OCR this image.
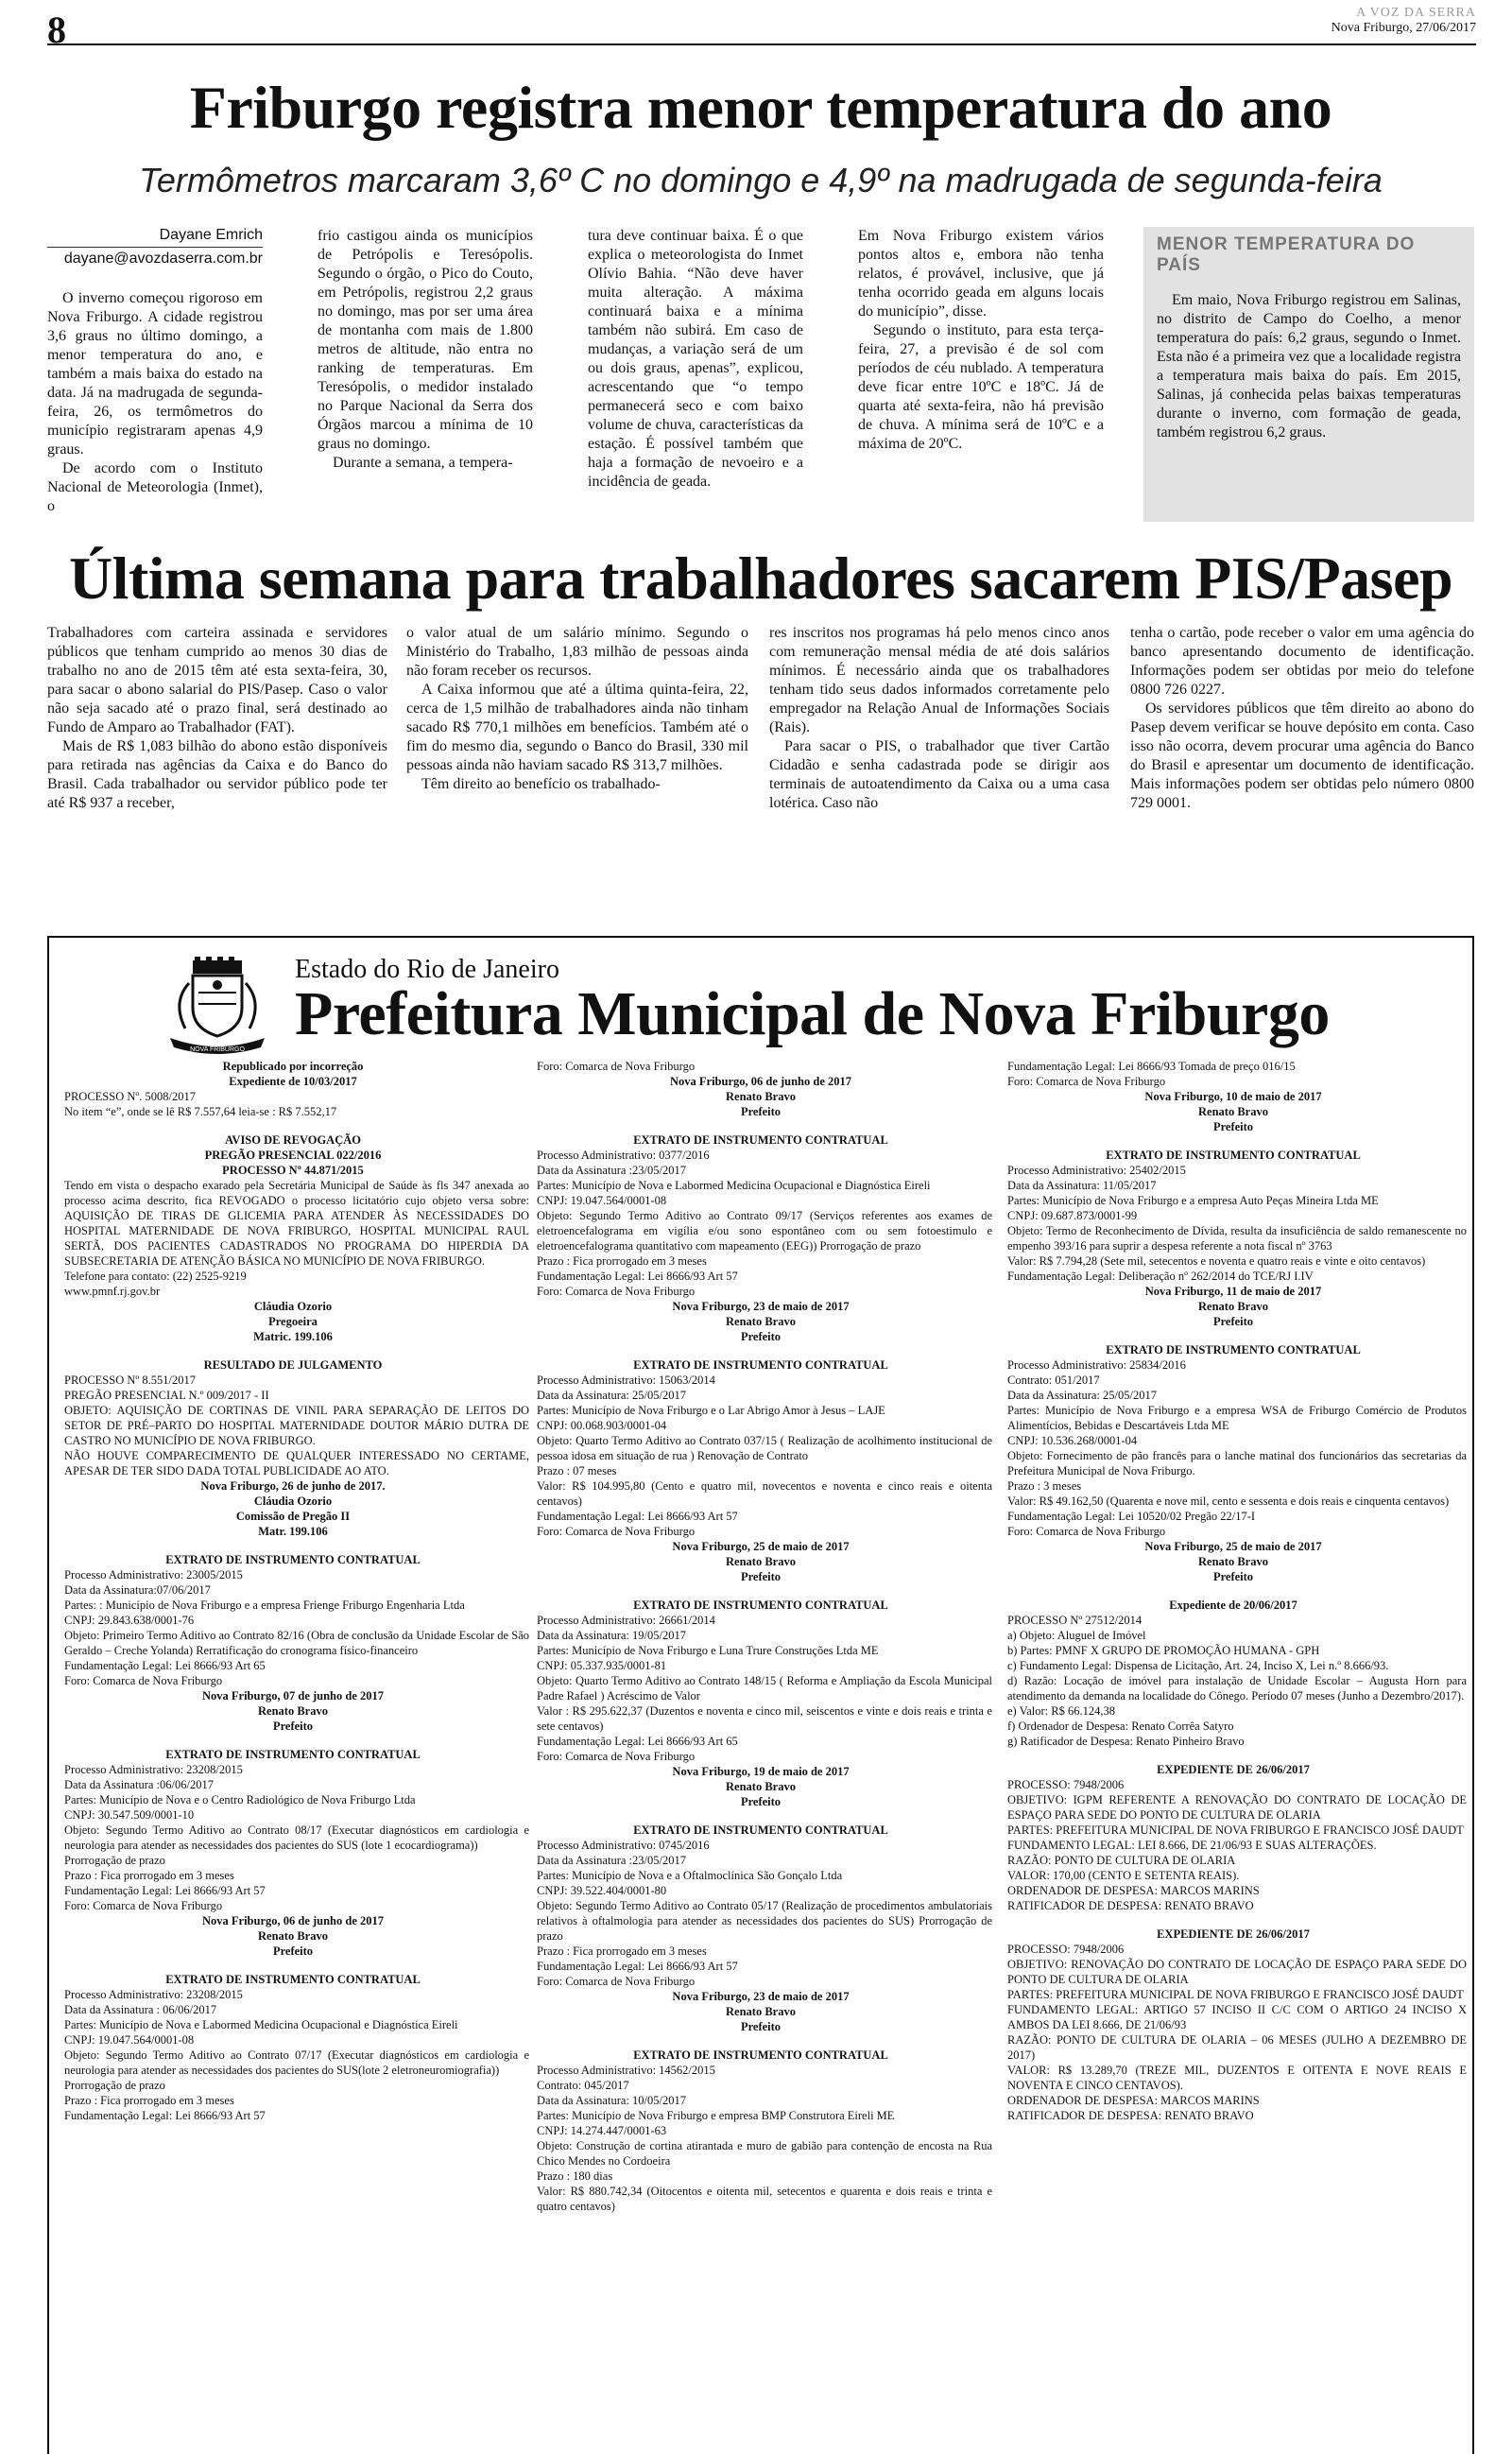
8	A VOZ DA SERRA
Nova Friburgo, 27/06/2017
Friburgo registra menor temperatura do ano
Termômetros marcaram 3,6º C no domingo e 4,9º na madrugada de segunda-feira
Dayane Emrich
dayane@avozdaserra.com.br

O inverno começou rigoroso em Nova Friburgo. A cidade registrou 3,6 graus no último domingo, a menor temperatura do ano, e também a mais baixa do estado na data. Já na madrugada de segunda-feira, 26, os termômetros do município registraram apenas 4,9 graus.

De acordo com o Instituto Nacional de Meteorologia (Inmet), o

frio castigou ainda os municípios de Petrópolis e Teresópolis. Segundo o órgão, o Pico do Couto, em Petrópolis, registrou 2,2 graus no domingo, mas por ser uma área de montanha com mais de 1.800 metros de altitude, não entra no ranking de temperaturas. Em Teresópolis, o medidor instalado no Parque Nacional da Serra dos Órgãos marcou a mínima de 10 graus no domingo.

Durante a semana, a tempera-

tura deve continuar baixa. É o que explica o meteorologista do Inmet Olívio Bahia. “Não deve haver muita alteração. A máxima continuará baixa e a mínima também não subirá. Em caso de mudanças, a variação será de um ou dois graus, apenas”, explicou, acrescentando que “o tempo permanecerá seco e com baixo volume de chuva, características da estação. É possível também que haja a formação de nevoeiro e a incidência de geada.

Em Nova Friburgo existem vários pontos altos e, embora não tenha relatos, é provável, inclusive, que já tenha ocorrido geada em alguns locais do município”, disse.

Segundo o instituto, para esta terça-feira, 27, a previsão é de sol com períodos de céu nublado. A temperatura deve ficar entre 10ºC e 18ºC. Já de quarta até sexta-feira, não há previsão de chuva. A mínima será de 10ºC e a máxima de 20ºC.

MENOR TEMPERATURA DO PAÍS
Em maio, Nova Friburgo registrou em Salinas, no distrito de Campo do Coelho, a menor temperatura do país: 6,2 graus, segundo o Inmet. Esta não é a primeira vez que a localidade registra a temperatura mais baixa do país. Em 2015, Salinas, já conhecida pelas baixas temperaturas durante o inverno, com formação de geada, também registrou 6,2 graus.
Última semana para trabalhadores sacarem PIS/Pasep

Trabalhadores com carteira assinada e servidores públicos que tenham cumprido ao menos 30 dias de trabalho no ano de 2015 têm até esta sexta-feira, 30, para sacar o abono salarial do PIS/Pasep. Caso o valor não seja sacado até o prazo final, será destinado ao Fundo de Amparo ao Trabalhador (FAT).

Mais de R$ 1,083 bilhão do abono estão disponíveis para retirada nas agências da Caixa e do Banco do Brasil. Cada trabalhador ou servidor público pode ter até R$ 937 a receber,

o valor atual de um salário mínimo. Segundo o Ministério do Trabalho, 1,83 milhão de pessoas ainda não foram receber os recursos.

A Caixa informou que até a última quinta-feira, 22, cerca de 1,5 milhão de trabalhadores ainda não tinham sacado R$ 770,1 milhões em benefícios. Também até o fim do mesmo dia, segundo o Banco do Brasil, 330 mil pessoas ainda não haviam sacado R$ 313,7 milhões.

Têm direito ao benefício os trabalhado-

res inscritos nos programas há pelo menos cinco anos com remuneração mensal média de até dois salários mínimos. É necessário ainda que os trabalhadores tenham tido seus dados informados corretamente pelo empregador na Relação Anual de Informações Sociais (Rais).

Para sacar o PIS, o trabalhador que tiver Cartão Cidadão e senha cadastrada pode se dirigir aos terminais de autoatendimento da Caixa ou a uma casa lotérica. Caso não

tenha o cartão, pode receber o valor em uma agência do banco apresentando documento de identificação. Informações podem ser obtidas por meio do telefone 0800 726 0227.

Os servidores públicos que têm direito ao abono do Pasep devem verificar se houve depósito em conta. Caso isso não ocorra, devem procurar uma agência do Banco do Brasil e apresentar um documento de identificação. Mais informações podem ser obtidas pelo número 0800 729 0001.

NOVA FRIBURGO
Estado do Rio de Janeiro
Prefeitura Municipal de Nova Friburgo
Republicado por incorreção
Expediente de 10/03/2017
PROCESSO Nº. 5008/2017
No item “e”, onde se lê R$ 7.557,64 leia-se : R$ 7.552,17
AVISO DE REVOGAÇÃO
PREGÃO PRESENCIAL 022/2016
PROCESSO Nº 44.871/2015
Tendo em vista o despacho exarado pela Secretária Municipal de Saúde às fls 347 anexada ao processo acima descrito, fica REVOGADO o processo licitatório cujo objeto versa sobre: AQUISIÇÃO DE TIRAS DE GLICEMIA PARA ATENDER ÀS NECESSIDADES DO HOSPITAL MATERNIDADE DE NOVA FRIBURGO, HOSPITAL MUNICIPAL RAUL SERTÃ, DOS PACIENTES CADASTRADOS NO PROGRAMA DO HIPERDIA DA SUBSECRETARIA DE ATENÇÃO BÁSICA NO MUNICÍPIO DE NOVA FRIBURGO.
Telefone para contato: (22) 2525-9219
www.pmnf.rj.gov.br
Cláudia Ozorio
Pregoeira
Matric. 199.106
RESULTADO DE JULGAMENTO
PROCESSO Nº 8.551/2017
PREGÃO PRESENCIAL N.º 009/2017 - II
OBJETO: AQUISIÇÃO DE CORTINAS DE VINIL PARA SEPARAÇÃO DE LEITOS DO SETOR DE PRÉ–PARTO DO HOSPITAL MATERNIDADE DOUTOR MÁRIO DUTRA DE CASTRO NO MUNICÍPIO DE NOVA FRIBURGO.
NÃO HOUVE COMPARECIMENTO DE QUALQUER INTERESSADO NO CERTAME, APESAR DE TER SIDO DADA TOTAL PUBLICIDADE AO ATO.
Nova Friburgo, 26 de junho de 2017.
Cláudia Ozorio
Comissão de Pregão II
Matr. 199.106
EXTRATO DE INSTRUMENTO CONTRATUAL
Processo Administrativo: 23005/2015
Data da Assinatura:07/06/2017
Partes: : Município de Nova Friburgo e a empresa Frienge Friburgo Engenharia Ltda
CNPJ: 29.843.638/0001-76
Objeto: Primeiro Termo Aditivo ao Contrato 82/16 (Obra de conclusão da Unidade Escolar de São Geraldo – Creche Yolanda) Rerratificação do cronograma físico-financeiro
Fundamentação Legal: Lei 8666/93 Art 65
Foro: Comarca de Nova Friburgo
Nova Friburgo, 07 de junho de 2017
Renato Bravo
Prefeito
EXTRATO DE INSTRUMENTO CONTRATUAL
Processo Administrativo: 23208/2015
Data da Assinatura :06/06/2017
Partes: Município de Nova e o Centro Radiológico de Nova Friburgo Ltda
CNPJ: 30.547.509/0001-10
Objeto: Segundo Termo Aditivo ao Contrato 08/17 (Executar diagnósticos em cardiologia e neurologia para atender as necessidades dos pacientes do SUS (lote 1 ecocardiograma))
Prorrogação de prazo
Prazo : Fica prorrogado em 3 meses
Fundamentação Legal: Lei 8666/93 Art 57
Foro: Comarca de Nova Friburgo
Nova Friburgo, 06 de junho de 2017
Renato Bravo
Prefeito
EXTRATO DE INSTRUMENTO CONTRATUAL
Processo Administrativo: 23208/2015
Data da Assinatura : 06/06/2017
Partes: Município de Nova e Labormed Medicina Ocupacional e Diagnóstica Eireli
CNPJ: 19.047.564/0001-08
Objeto: Segundo Termo Aditivo ao Contrato 07/17 (Executar diagnósticos em cardiologia e neurologia para atender as necessidades dos pacientes do SUS(lote 2 eletroneuromiografia))
Prorrogação de prazo
Prazo : Fica prorrogado em 3 meses
Fundamentação Legal: Lei 8666/93 Art 57
Foro: Comarca de Nova Friburgo
Nova Friburgo, 06 de junho de 2017
Renato Bravo
Prefeito
EXTRATO DE INSTRUMENTO CONTRATUAL
Processo Administrativo: 0377/2016
Data da Assinatura :23/05/2017
Partes: Município de Nova e Labormed Medicina Ocupacional e Diagnóstica Eireli
CNPJ: 19.047.564/0001-08
Objeto: Segundo Termo Aditivo ao Contrato 09/17 (Serviços referentes aos exames de eletroencefalograma em vigília e/ou sono espontâneo com ou sem fotoestimulo e eletroencefalograma quantitativo com mapeamento (EEG)) Prorrogação de prazo
Prazo : Fica prorrogado em 3 meses
Fundamentação Legal: Lei 8666/93 Art 57
Foro: Comarca de Nova Friburgo
Nova Friburgo, 23 de maio de 2017
Renato Bravo
Prefeito
EXTRATO DE INSTRUMENTO CONTRATUAL
Processo Administrativo: 15063/2014
Data da Assinatura: 25/05/2017
Partes: Município de Nova Friburgo e o Lar Abrigo Amor à Jesus – LAJE
CNPJ: 00.068.903/0001-04
Objeto: Quarto Termo Aditivo ao Contrato 037/15 ( Realização de acolhimento institucional de pessoa idosa em situação de rua ) Renovação de Contrato
Prazo : 07 meses
Valor: R$ 104.995,80 (Cento e quatro mil, novecentos e noventa e cinco reais e oitenta centavos)
Fundamentação Legal: Lei 8666/93 Art 57
Foro: Comarca de Nova Friburgo
Nova Friburgo, 25 de maio de 2017
Renato Bravo
Prefeito
EXTRATO DE INSTRUMENTO CONTRATUAL
Processo Administrativo: 26661/2014
Data da Assinatura: 19/05/2017
Partes: Município de Nova Friburgo e Luna Trure Construções Ltda ME
CNPJ: 05.337.935/0001-81
Objeto: Quarto Termo Aditivo ao Contrato 148/15 ( Reforma e Ampliação da Escola Municipal Padre Rafael ) Acréscimo de Valor
Valor : R$ 295.622,37 (Duzentos e noventa e cinco mil, seiscentos e vinte e dois reais e trinta e sete centavos)
Fundamentação Legal: Lei 8666/93 Art 65
Foro: Comarca de Nova Friburgo
Nova Friburgo, 19 de maio de 2017
Renato Bravo
Prefeito
EXTRATO DE INSTRUMENTO CONTRATUAL
Processo Administrativo: 0745/2016
Data da Assinatura :23/05/2017
Partes: Município de Nova e a Oftalmoclínica São Gonçalo Ltda
CNPJ: 39.522.404/0001-80
Objeto: Segundo Termo Aditivo ao Contrato 05/17 (Realização de procedimentos ambulatoriais relativos à oftalmologia para atender as necessidades dos pacientes do SUS) Prorrogação de prazo
Prazo : Fica prorrogado em 3 meses
Fundamentação Legal: Lei 8666/93 Art 57
Foro: Comarca de Nova Friburgo
Nova Friburgo, 23 de maio de 2017
Renato Bravo
Prefeito
EXTRATO DE INSTRUMENTO CONTRATUAL
Processo Administrativo: 14562/2015
Contrato: 045/2017
Data da Assinatura: 10/05/2017
Partes: Município de Nova Friburgo e empresa BMP Construtora Eireli ME
CNPJ: 14.274.447/0001-63
Objeto: Construção de cortina atirantada e muro de gabião para contenção de encosta na Rua Chico Mendes no Cordoeira
Prazo : 180 dias
Valor: R$ 880.742,34 (Oitocentos e oitenta mil, setecentos e quarenta e dois reais e trinta e quatro centavos)
Fundamentação Legal: Lei 8666/93 Tomada de preço 016/15
Foro: Comarca de Nova Friburgo
Nova Friburgo, 10 de maio de 2017
Renato Bravo
Prefeito
EXTRATO DE INSTRUMENTO CONTRATUAL
Processo Administrativo: 25402/2015
Data da Assinatura: 11/05/2017
Partes: Município de Nova Friburgo e a empresa Auto Peças Mineira Ltda ME
CNPJ: 09.687.873/0001-99
Objeto: Termo de Reconhecimento de Dívida, resulta da insuficiência de saldo remanescente no empenho 393/16 para suprir a despesa referente a nota fiscal nº 3763
Valor: R$ 7.794,28 (Sete mil, setecentos e noventa e quatro reais e vinte e oito centavos)
Fundamentação Legal: Deliberação nº 262/2014 do TCE/RJ I.IV
Nova Friburgo, 11 de maio de 2017
Renato Bravo
Prefeito
EXTRATO DE INSTRUMENTO CONTRATUAL
Processo Administrativo: 25834/2016
Contrato: 051/2017
Data da Assinatura: 25/05/2017
Partes: Município de Nova Friburgo e a empresa WSA de Friburgo Comércio de Produtos Alimentícios, Bebidas e Descartáveis Ltda ME
CNPJ: 10.536.268/0001-04
Objeto: Fornecimento de pão francês para o lanche matinal dos funcionários das secretarias da Prefeitura Municipal de Nova Friburgo.
Prazo : 3 meses
Valor: R$ 49.162,50 (Quarenta e nove mil, cento e sessenta e dois reais e cinquenta centavos)
Fundamentação Legal: Lei 10520/02 Pregão 22/17-I
Foro: Comarca de Nova Friburgo
Nova Friburgo, 25 de maio de 2017
Renato Bravo
Prefeito
Expediente de 20/06/2017
PROCESSO Nº 27512/2014
a) Objeto: Aluguel de Imóvel
b) Partes: PMNF X GRUPO DE PROMOÇÃO HUMANA - GPH
c) Fundamento Legal: Dispensa de Licitação, Art. 24, Inciso X, Lei n.º 8.666/93.
d) Razão: Locação de imóvel para instalação de Unidade Escolar – Augusta Horn para atendimento da demanda na localidade do Cônego. Período 07 meses (Junho a Dezembro/2017).
e) Valor: R$ 66.124,38
f) Ordenador de Despesa: Renato Corrêa Satyro
g) Ratificador de Despesa: Renato Pinheiro Bravo
EXPEDIENTE DE 26/06/2017
PROCESSO: 7948/2006
OBJETIVO: IGPM REFERENTE A RENOVAÇÃO DO CONTRATO DE LOCAÇÃO DE ESPAÇO PARA SEDE DO PONTO DE CULTURA DE OLARIA
PARTES: PREFEITURA MUNICIPAL DE NOVA FRIBURGO E FRANCISCO JOSÉ DAUDT
FUNDAMENTO LEGAL: LEI 8.666, DE 21/06/93 E SUAS ALTERAÇÕES.
RAZÃO: PONTO DE CULTURA DE OLARIA
VALOR: 170,00 (CENTO E SETENTA REAIS).
ORDENADOR DE DESPESA: MARCOS MARINS
RATIFICADOR DE DESPESA: RENATO BRAVO
EXPEDIENTE DE 26/06/2017
PROCESSO: 7948/2006
OBJETIVO: RENOVAÇÃO DO CONTRATO DE LOCAÇÃO DE ESPAÇO PARA SEDE DO PONTO DE CULTURA DE OLARIA
PARTES: PREFEITURA MUNICIPAL DE NOVA FRIBURGO E FRANCISCO JOSÉ DAUDT
FUNDAMENTO LEGAL: ARTIGO 57 INCISO II C/C COM O ARTIGO 24 INCISO X AMBOS DA LEI 8.666, DE 21/06/93
RAZÃO: PONTO DE CULTURA DE OLARIA – 06 MESES (JULHO A DEZEMBRO DE 2017)
VALOR: R$ 13.289,70 (TREZE MIL, DUZENTOS E OITENTA E NOVE REAIS E NOVENTA E CINCO CENTAVOS).
ORDENADOR DE DESPESA: MARCOS MARINS
RATIFICADOR DE DESPESA: RENATO BRAVO
